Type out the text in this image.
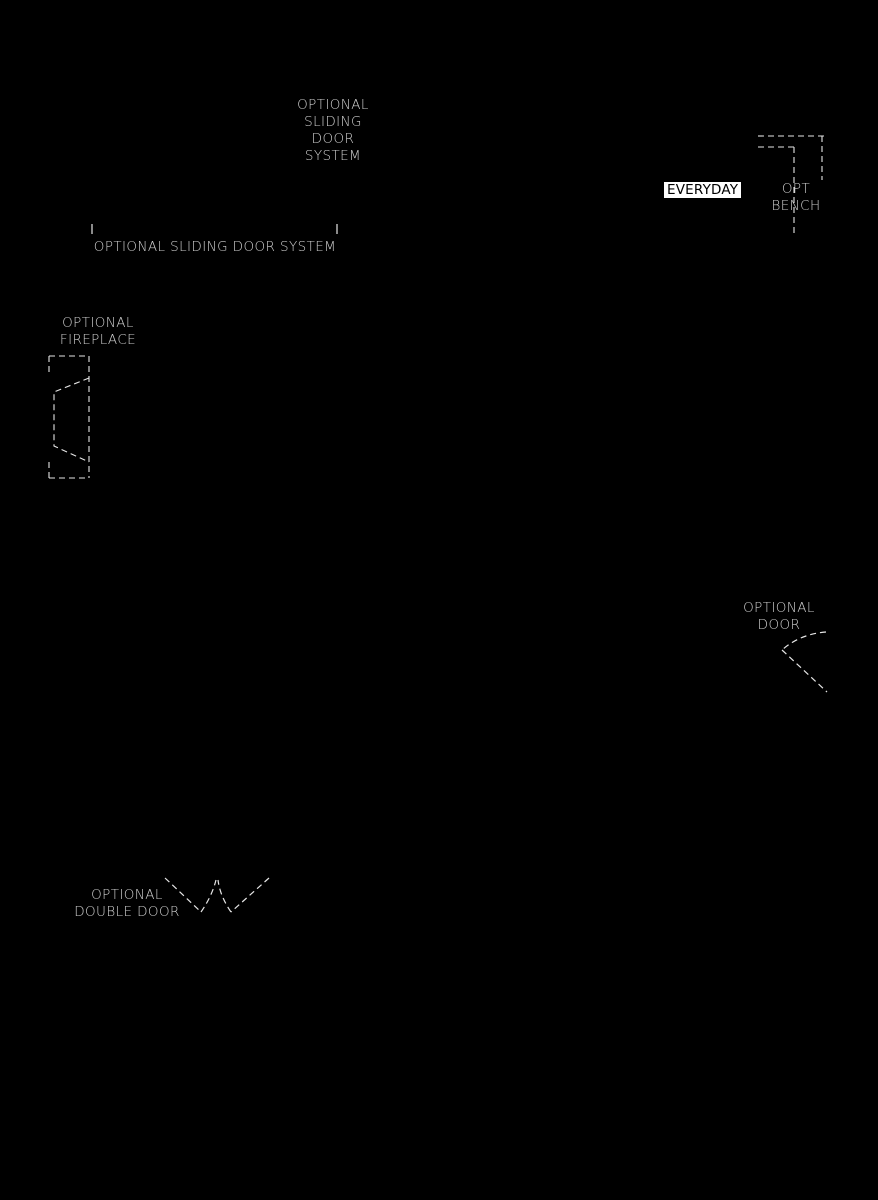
OPTIONAL
SLIDING
DOOR
SYSTEM
OPTIONAL SLIDING DOOR SYSTEM
OPTIONAL
FIREPLACE
EVERYDAY	OPT
BENCH
OPTIONAL
DOOR
OPTIONAL
DOUBLE DOOR
